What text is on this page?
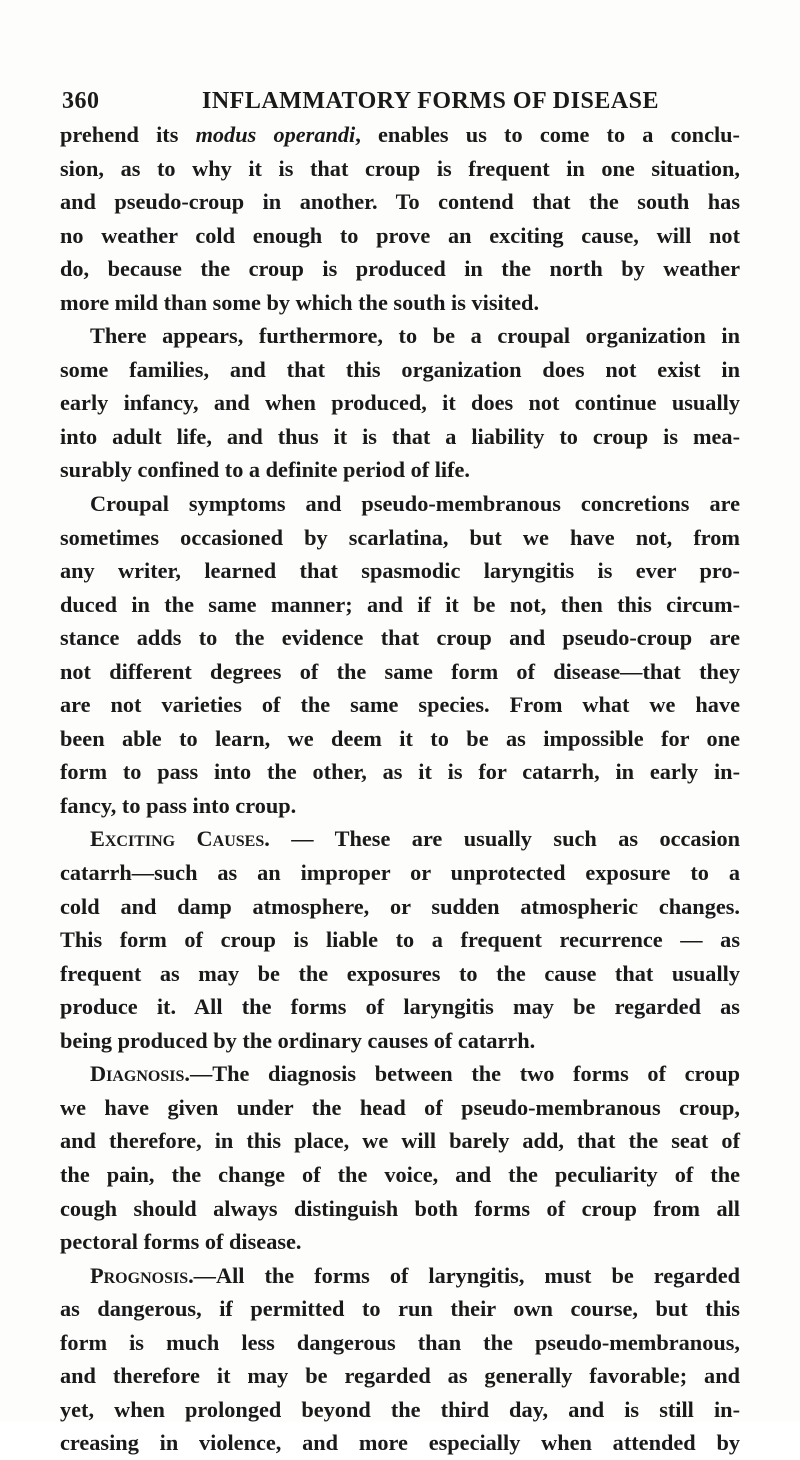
360	INFLAMMATORY FORMS OF DISEASE
prehend its modus operandi, enables us to come to a conclu-
sion, as to why it is that croup is frequent in one situation,
and pseudo-croup in another. To contend that the south has
no weather cold enough to prove an exciting cause, will not
do, because the croup is produced in the north by weather
more mild than some by which the south is visited.
There appears, furthermore, to be a croupal organization in
some families, and that this organization does not exist in
early infancy, and when produced, it does not continue usually
into adult life, and thus it is that a liability to croup is mea-
surably confined to a definite period of life.
Croupal symptoms and pseudo-membranous concretions are
sometimes occasioned by scarlatina, but we have not, from
any writer, learned that spasmodic laryngitis is ever pro-
duced in the same manner; and if it be not, then this circum-
stance adds to the evidence that croup and pseudo-croup are
not different degrees of the same form of disease—that they
are not varieties of the same species. From what we have
been able to learn, we deem it to be as impossible for one
form to pass into the other, as it is for catarrh, in early in-
fancy, to pass into croup.
Exciting Causes. — These are usually such as occasion
catarrh—such as an improper or unprotected exposure to a
cold and damp atmosphere, or sudden atmospheric changes.
This form of croup is liable to a frequent recurrence — as
frequent as may be the exposures to the cause that usually
produce it. All the forms of laryngitis may be regarded as
being produced by the ordinary causes of catarrh.
Diagnosis.—The diagnosis between the two forms of croup
we have given under the head of pseudo-membranous croup,
and therefore, in this place, we will barely add, that the seat of
the pain, the change of the voice, and the peculiarity of the
cough should always distinguish both forms of croup from all
pectoral forms of disease.
Prognosis.—All the forms of laryngitis, must be regarded
as dangerous, if permitted to run their own course, but this
form is much less dangerous than the pseudo-membranous,
and therefore it may be regarded as generally favorable; and
yet, when prolonged beyond the third day, and is still in-
creasing in violence, and more especially when attended by
